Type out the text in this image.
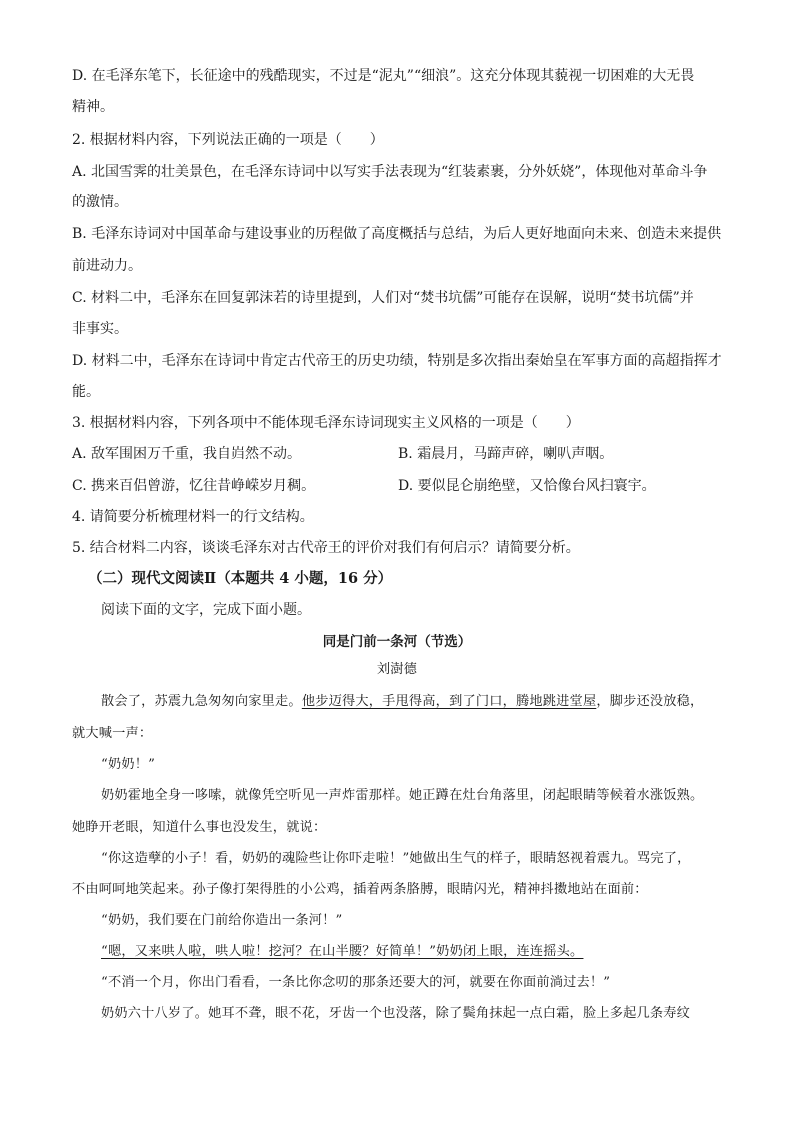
D. 在毛泽东笔下，长征途中的残酷现实，不过是“泥丸”“细浪”。这充分体现其藐视一切困难的大无畏
精神。
2. 根据材料内容，下列说法正确的一项是（　　）
A. 北国雪霁的壮美景色，在毛泽东诗词中以写实手法表现为“红装素裹，分外妖娆”，体现他对革命斗争
的激情。
B. 毛泽东诗词对中国革命与建设事业的历程做了高度概括与总结，为后人更好地面向未来、创造未来提供
前进动力。
C. 材料二中，毛泽东在回复郭沫若的诗里提到，人们对“焚书坑儒”可能存在误解，说明“焚书坑儒”并
非事实。
D. 材料二中，毛泽东在诗词中肯定古代帝王的历史功绩，特别是多次指出秦始皇在军事方面的高超指挥才
能。
3. 根据材料内容，下列各项中不能体现毛泽东诗词现实主义风格的一项是（　　）
A. 敌军围困万千重，我自岿然不动。	B. 霜晨月，马蹄声碎，喇叭声咽。
C. 携来百侣曾游，忆往昔峥嵘岁月稠。	D. 要似昆仑崩绝壁，又恰像台风扫寰宇。
4. 请简要分析梳理材料一的行文结构。
5. 结合材料二内容，谈谈毛泽东对古代帝王的评价对我们有何启示？请简要分析。
（二）现代文阅读Ⅱ（本题共 4 小题，16 分）
阅读下面的文字，完成下面小题。
同是门前一条河（节选）
刘澍德
散会了，苏震九急匆匆向家里走。他步迈得大，手甩得高，到了门口，腾地跳进堂屋，脚步还没放稳，
就大喊一声：
“奶奶！”
奶奶霍地全身一哆嗦，就像凭空听见一声炸雷那样。她正蹲在灶台角落里，闭起眼睛等候着水涨饭熟。
她睁开老眼，知道什么事也没发生，就说：
“你这造孽的小子！看，奶奶的魂险些让你吓走啦！”她做出生气的样子，眼睛怒视着震九。骂完了，
不由呵呵地笑起来。孙子像打架得胜的小公鸡，插着两条胳膊，眼睛闪光，精神抖擞地站在面前：
“奶奶，我们要在门前给你造出一条河！”
“嗯，又来哄人啦，哄人啦！挖河？在山半腰？好简单！”奶奶闭上眼，连连摇头。
“不消一个月，你出门看看，一条比你念叨的那条还要大的河，就要在你面前淌过去！”
奶奶六十八岁了。她耳不聋，眼不花，牙齿一个也没落，除了鬓角抹起一点白霜，脸上多起几条寿纹
